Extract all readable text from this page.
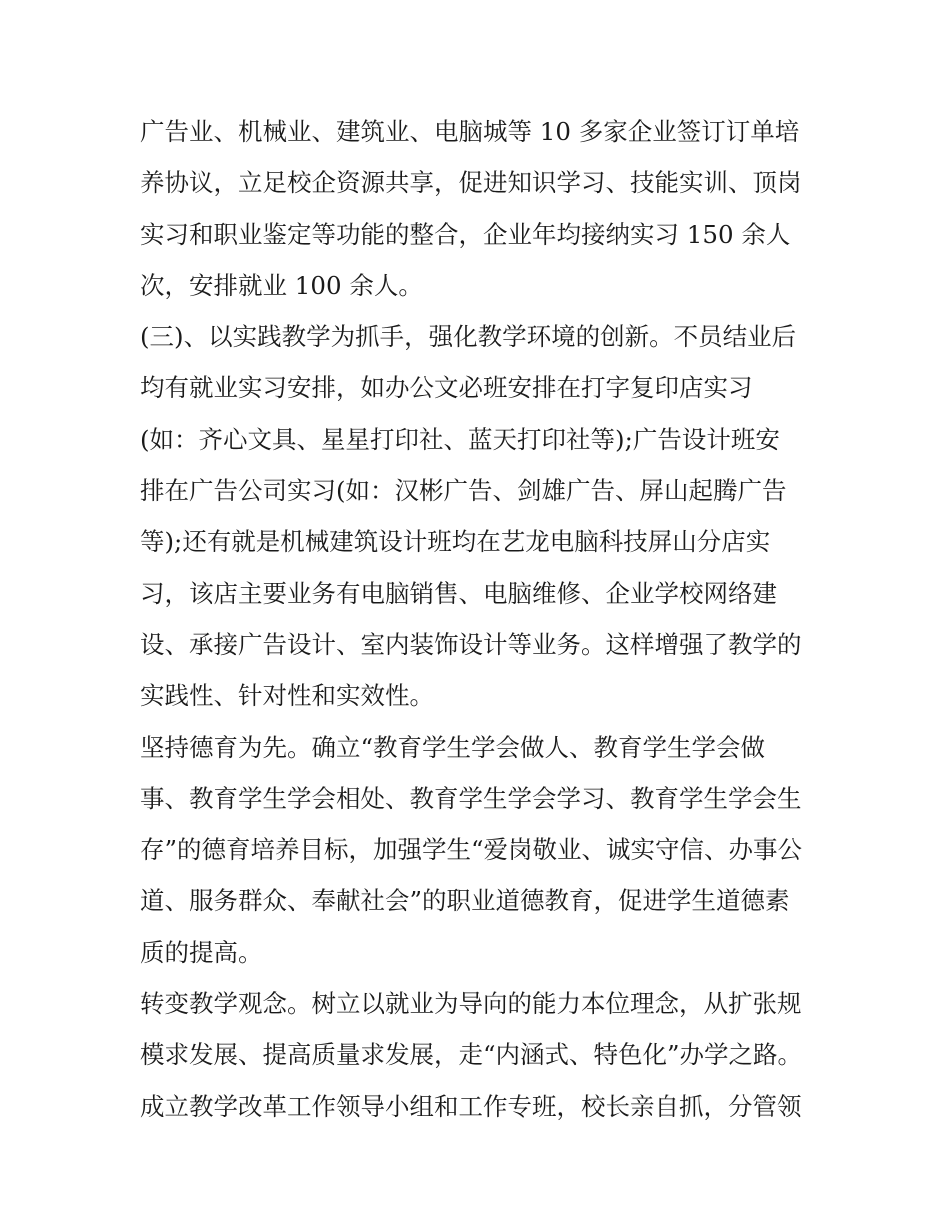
广告业、机械业、建筑业、电脑城等 10 多家企业签订订单培
养协议，立足校企资源共享，促进知识学习、技能实训、顶岗
实习和职业鉴定等功能的整合，企业年均接纳实习 150 余人
次，安排就业 100 余人。
(三)、以实践教学为抓手，强化教学环境的创新。不员结业后
均有就业实习安排，如办公文必班安排在打字复印店实习
(如：齐心文具、星星打印社、蓝天打印社等);广告设计班安
排在广告公司实习(如：汉彬广告、剑雄广告、屏山起腾广告
等);还有就是机械建筑设计班均在艺龙电脑科技屏山分店实
习，该店主要业务有电脑销售、电脑维修、企业学校网络建
设、承接广告设计、室内装饰设计等业务。这样增强了教学的
实践性、针对性和实效性。
坚持德育为先。确立“教育学生学会做人、教育学生学会做
事、教育学生学会相处、教育学生学会学习、教育学生学会生
存”的德育培养目标，加强学生“爱岗敬业、诚实守信、办事公
道、服务群众、奉献社会”的职业道德教育，促进学生道德素
质的提高。
转变教学观念。树立以就业为导向的能力本位理念，从扩张规
模求发展、提高质量求发展，走“内涵式、特色化”办学之路。
成立教学改革工作领导小组和工作专班，校长亲自抓，分管领
